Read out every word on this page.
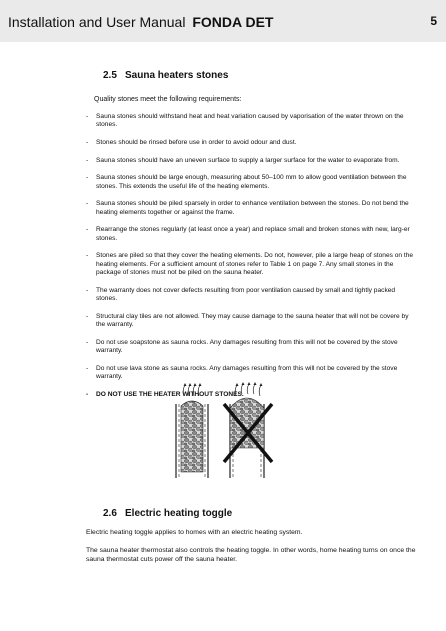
Installation and User Manual FONDA DET	5
2.5 Sauna heaters stones
Quality stones meet the following requirements:
- Sauna stones should withstand heat and heat variation caused by vaporisation of the water thrown on the stones.
- Stones should be rinsed before use in order to avoid odour and dust.
- Sauna stones should have an uneven surface to supply a larger surface for the water to evaporate from.
- Sauna stones should be large enough, measuring about 50–100 mm to allow good ventilation between the stones. This extends the useful life of the heating elements.
- Sauna stones should be piled sparsely in order to enhance ventilation between the stones. Do not bend the heating elements together or against the frame.
- Rearrange the stones regularly (at least once a year) and replace small and broken stones with new, larg-er stones.
- Stones are piled so that they cover the heating elements. Do not, however, pile a large heap of stones on the heating elements. For a sufficient amount of stones refer to Table 1 on page 7. Any small stones in the package of stones must not be piled on the sauna heater.
- The warranty does not cover defects resulting from poor ventilation caused by small and tightly packed stones.
- Structural clay tiles are not allowed. They may cause damage to the sauna heater that will not be covere by the warranty.
- Do not use soapstone as sauna rocks. Any damages resulting from this will not be covered by the stove warranty.
- Do not use lava stone as sauna rocks. Any damages resulting from this will not be covered by the stove warranty.
- DO NOT USE THE HEATER WITHOUT STONES.
2.6 Electric heating toggle
Electric heating toggle applies to homes with an electric heating system.
The sauna heater thermostat also controls the heating toggle. In other words, home heating turns on once the sauna thermostat cuts power off the sauna heater.
